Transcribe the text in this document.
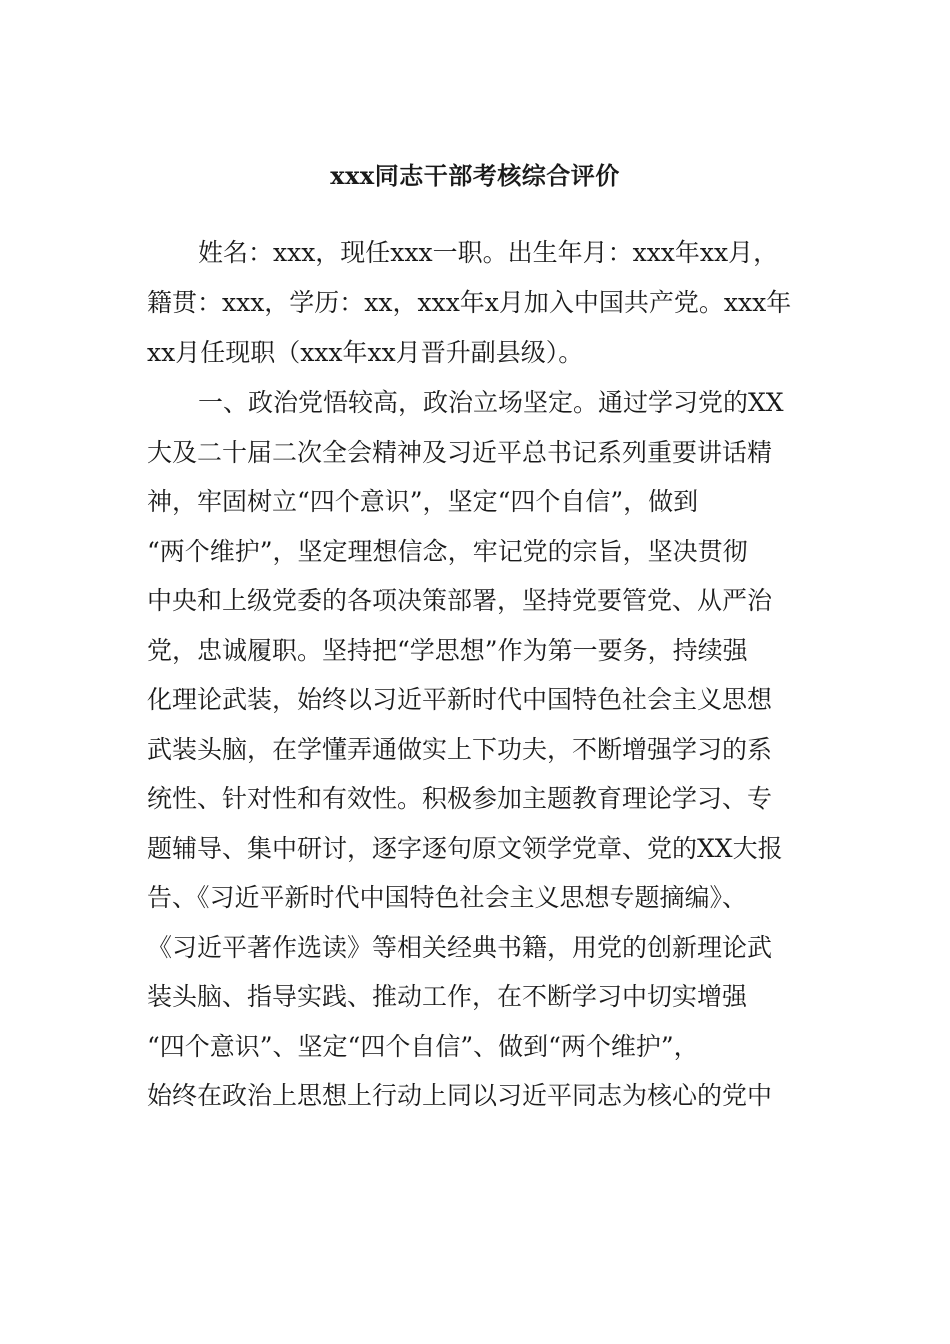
xxx同志干部考核综合评价
姓名：xxx，现任xxx一职。出生年月：xxx年xx月，
籍贯：xxx，学历：xx，xxx年x月加入中国共产党。xxx年
xx月任现职（xxx年xx月晋升副县级）。
一、政治党悟较高，政治立场坚定。通过学习党的XX
大及二十届二次全会精神及习近平总书记系列重要讲话精
神，牢固树立“四个意识”，坚定“四个自信”，做到
“两个维护”，坚定理想信念，牢记党的宗旨，坚决贯彻
中央和上级党委的各项决策部署，坚持党要管党、从严治
党，忠诚履职。坚持把“学思想”作为第一要务，持续强
化理论武装，始终以习近平新时代中国特色社会主义思想
武装头脑，在学懂弄通做实上下功夫，不断增强学习的系
统性、针对性和有效性。积极参加主题教育理论学习、专
题辅导、集中研讨，逐字逐句原文领学党章、党的XX大报
告、《习近平新时代中国特色社会主义思想专题摘编》、
《习近平著作选读》等相关经典书籍，用党的创新理论武
装头脑、指导实践、推动工作，在不断学习中切实增强
“四个意识”、坚定“四个自信”、做到“两个维护”，
始终在政治上思想上行动上同以习近平同志为核心的党中
